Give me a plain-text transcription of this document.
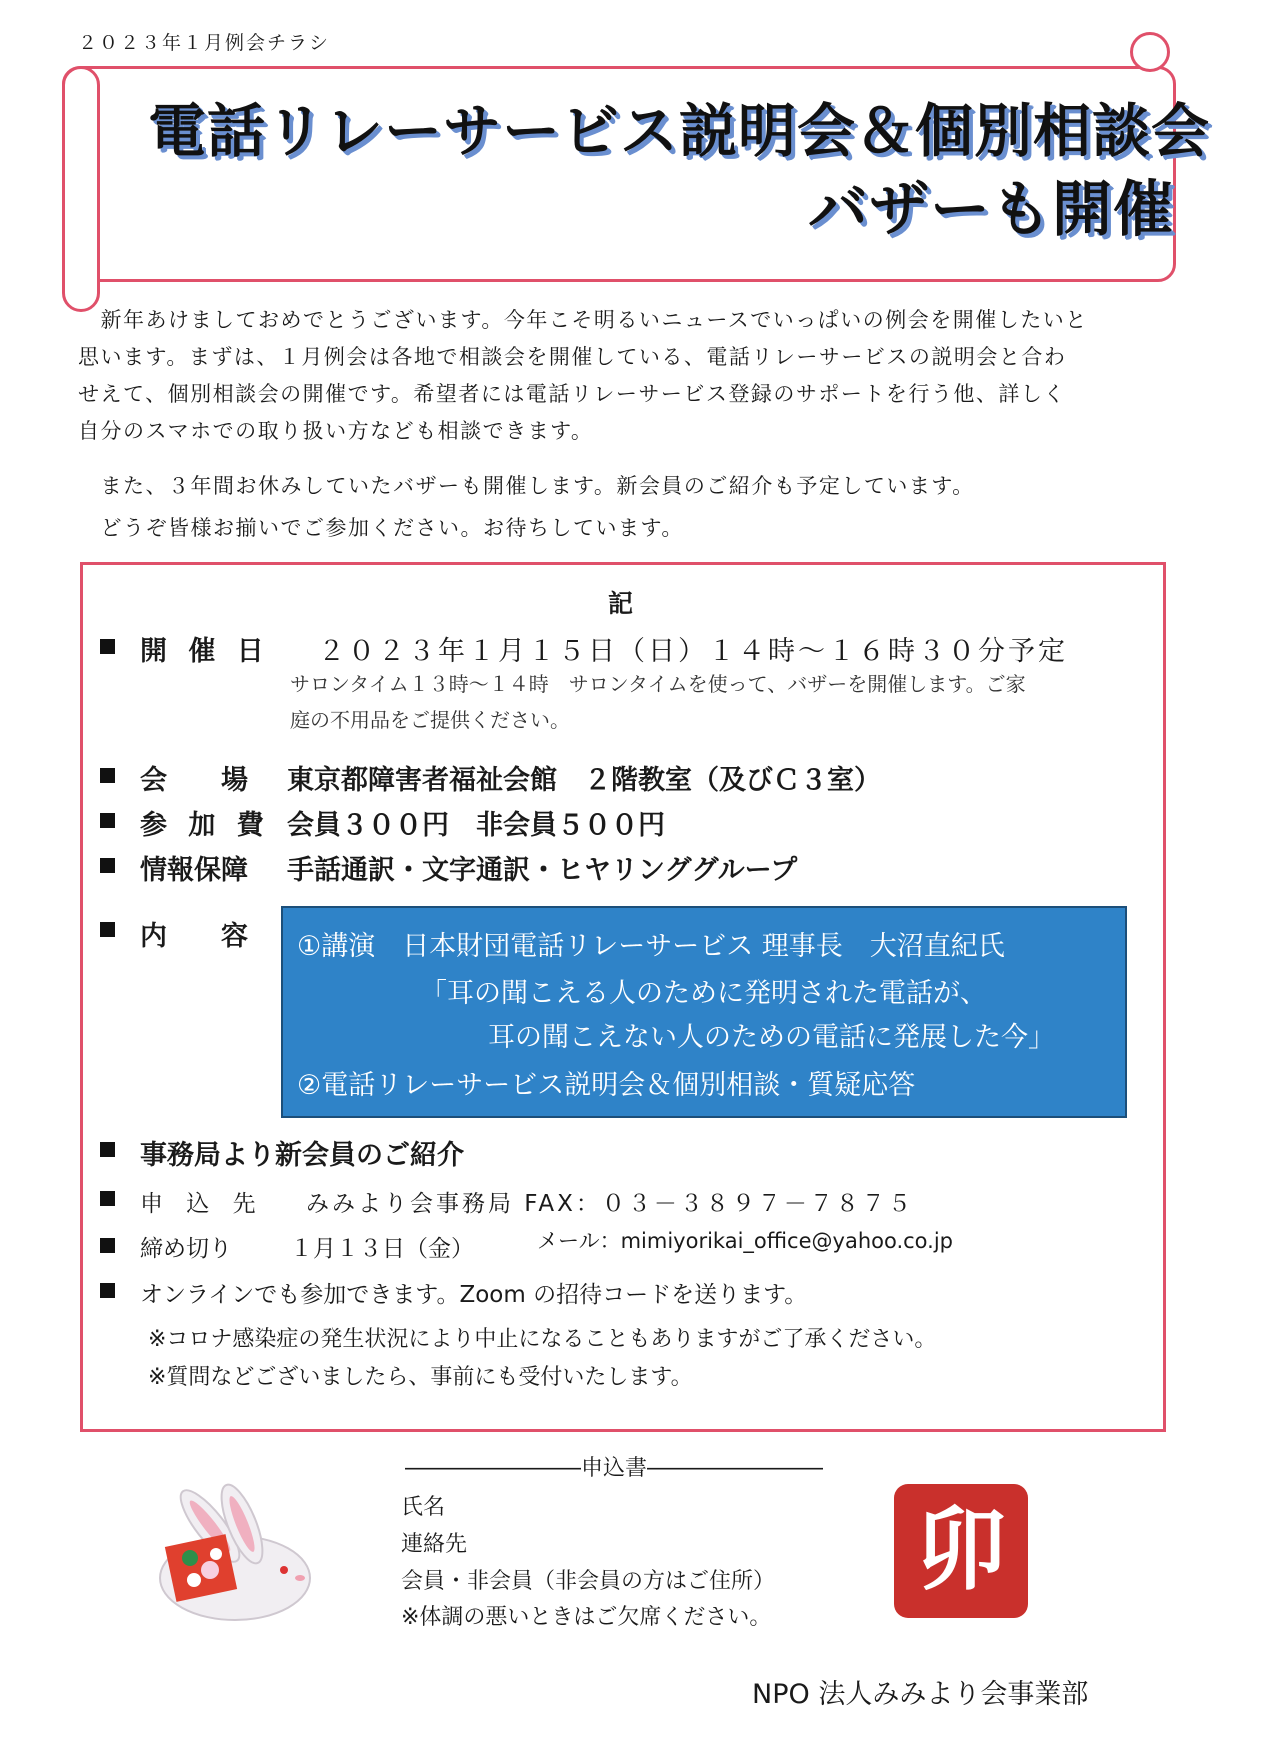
２０２３年１月例会チラシ
電話リレーサービス説明会＆個別相談会
バザーも開催
　新年あけましておめでとうございます。今年こそ明るいニュースでいっぱいの例会を開催したいと
思います。まずは、１月例会は各地で相談会を開催している、電話リレーサービスの説明会と合わ
せえて、個別相談会の開催です。希望者には電話リレーサービス登録のサポートを行う他、詳しく
自分のスマホでの取り扱い方なども相談できます。
　また、３年間お休みしていたバザーも開催します。新会員のご紹介も予定しています。
　どうぞ皆様お揃いでご参加ください。お待ちしています。
記
開 催 日 ２０２３年１月１５日（日）１４時～１６時３０分予定
サロンタイム１３時～１４時　サロンタイムを使って、バザーを開催します。ご家
庭の不用品をご提供ください。
会　　場 東京都障害者福祉会館　２階教室（及びＣ３室）
参 加 費 会員３００円　非会員５００円
情報保障 手話通訳・文字通訳・ヒヤリンググループ
内　　容 ①講演　日本財団電話リレーサービス 理事長　大沼直紀氏
「耳の聞こえる人のために発明された電話が、
耳の聞こえない人のための電話に発展した今」
②電話リレーサービス説明会＆個別相談・質疑応答
事務局より新会員のご紹介
申 込 先 みみより会事務局 FAX：０３－３８９７－７８７５
締め切り	１月１３日（金）	メール：mimiyorikai_office@yahoo.co.jp
オンラインでも参加できます。Zoom の招待コードを送ります。
※コロナ感染症の発生状況により中止になることもありますがご了承ください。
※質問などございましたら、事前にも受付いたします。
――――――――申込書――――――――
氏名
連絡先
会員・非会員（非会員の方はご住所）
※体調の悪いときはご欠席ください。
卯
NPO 法人みみより会事業部
